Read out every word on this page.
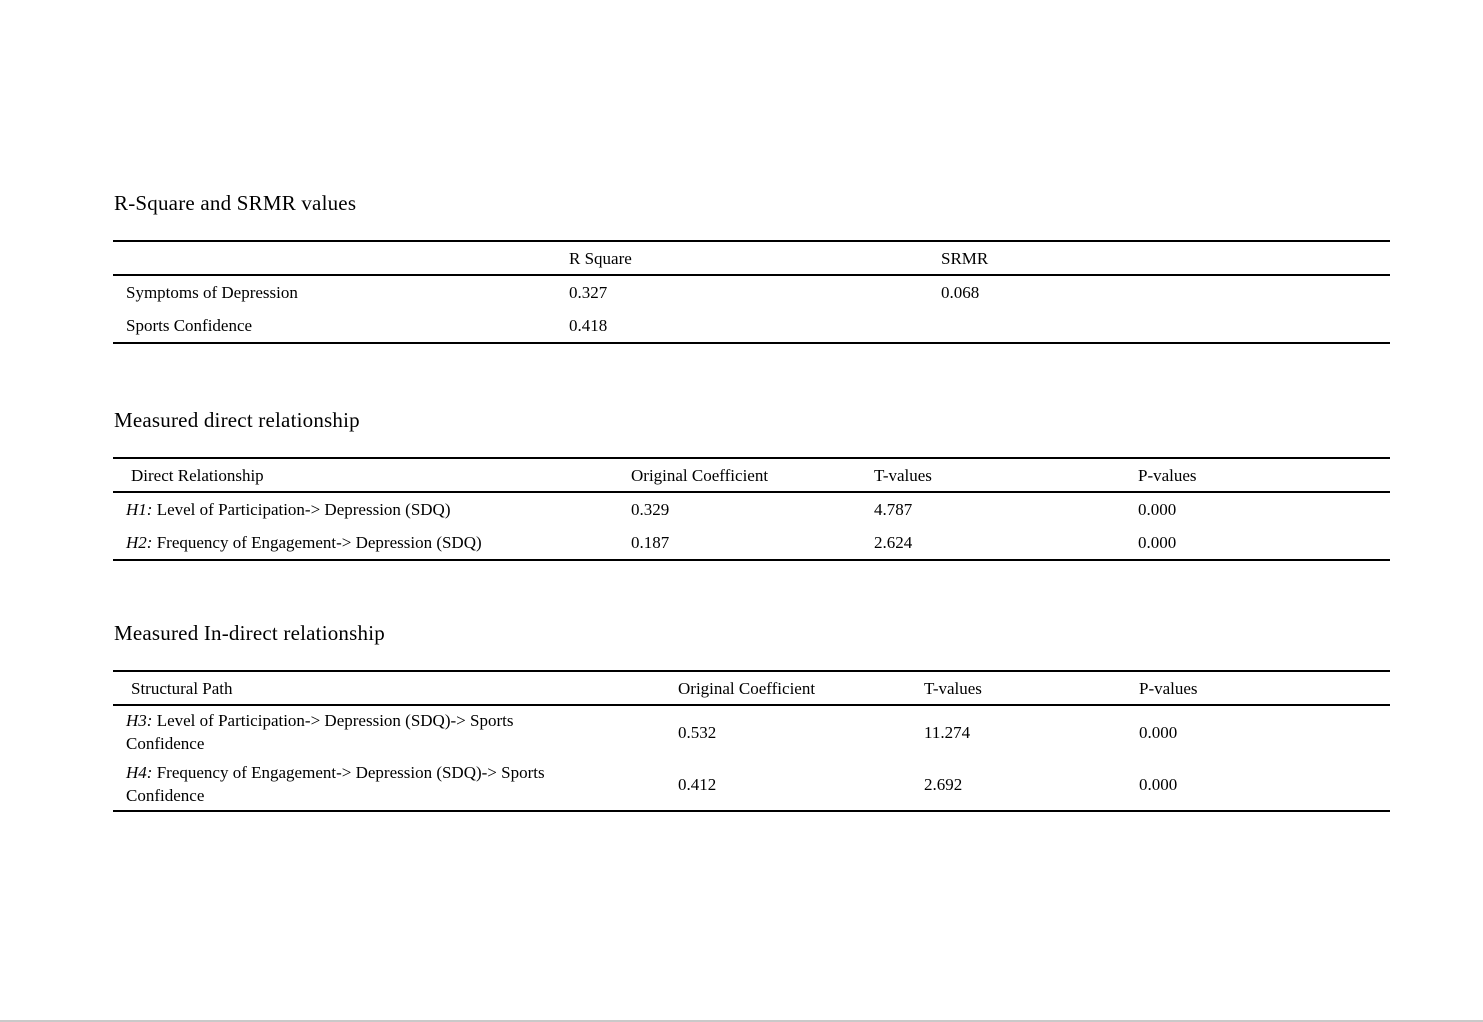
R-Square and SRMR values
	R Square	SRMR
Symptoms of Depression	0.327	0.068
Sports Confidence	0.418	
Measured direct relationship
Direct Relationship	Original Coefficient	T-values	P-values
H1: Level of Participation-> Depression (SDQ)	0.329	4.787	0.000
H2: Frequency of Engagement-> Depression (SDQ)	0.187	2.624	0.000
Measured In-direct relationship
Structural Path	Original Coefficient	T-values	P-values
H3: Level of Participation-> Depression (SDQ)-> Sports Confidence	0.532	11.274	0.000
H4: Frequency of Engagement-> Depression (SDQ)-> Sports Confidence	0.412	2.692	0.000
